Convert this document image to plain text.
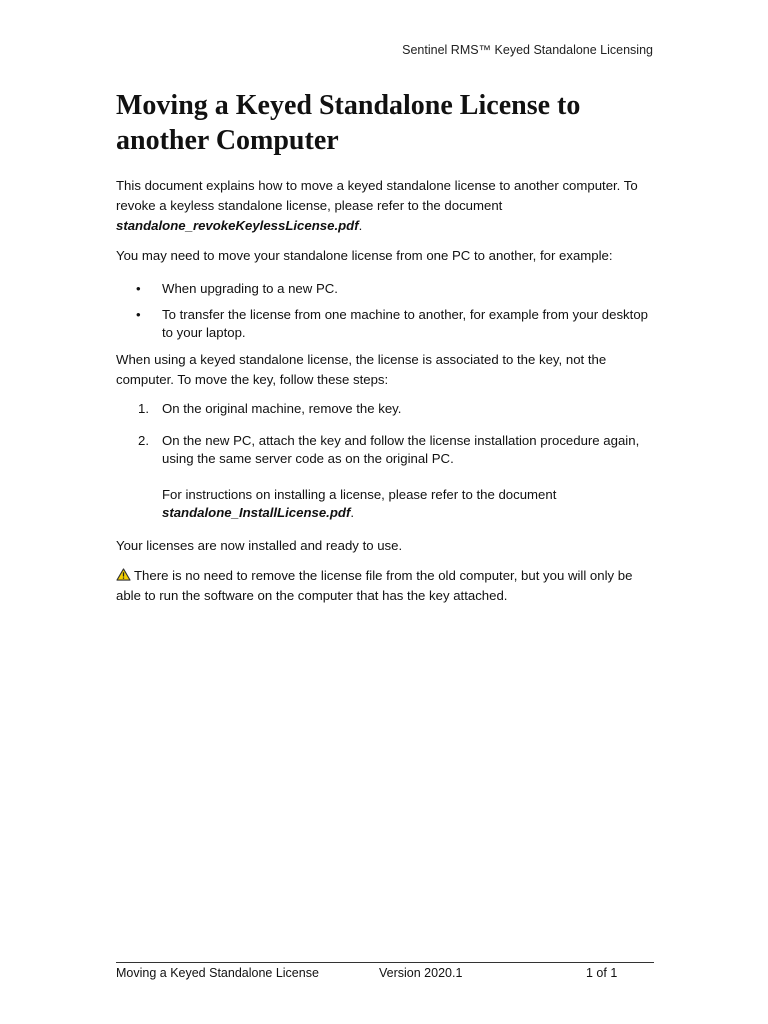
Sentinel RMS™ Keyed Standalone Licensing
Moving a Keyed Standalone License to
another Computer

This document explains how to move a keyed standalone license to another computer. To revoke a keyless standalone license, please refer to the document standalone_revokeKeylessLicense.pdf.

You may need to move your standalone license from one PC to another, for example:

• When upgrading to a new PC.
• To transfer the license from one machine to another, for example from your desktop to your laptop.

When using a keyed standalone license, the license is associated to the key, not the computer. To move the key, follow these steps:

1. On the original machine, remove the key.
2. On the new PC, attach the key and follow the license installation procedure again, using the same server code as on the original PC.
For instructions on installing a license, please refer to the document standalone_InstallLicense.pdf.

Your licenses are now installed and ready to use.

There is no need to remove the license file from the old computer, but you will only be able to run the software on the computer that has the key attached.

Moving a Keyed Standalone License	Version 2020.1	1 of 1
